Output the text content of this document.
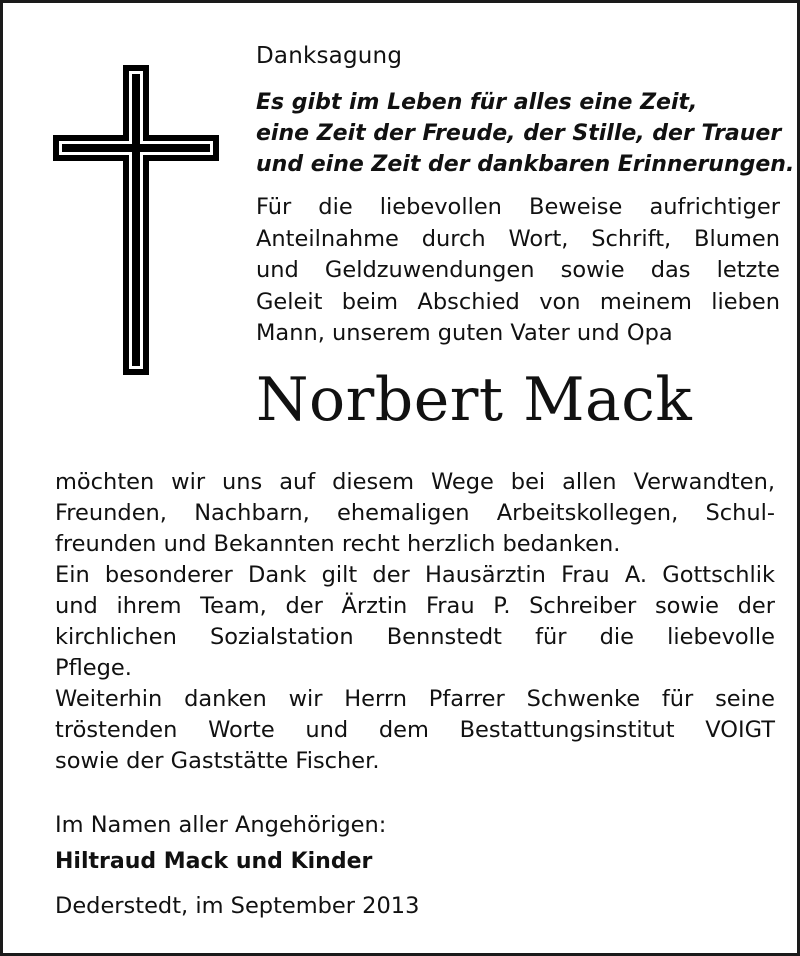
Danksagung
Es gibt im Leben für alles eine Zeit,
eine Zeit der Freude, der Stille, der Trauer
und eine Zeit der dankbaren Erinnerungen.
Für die liebevollen Beweise aufrichtiger
Anteilnahme durch Wort, Schrift, Blumen
und Geldzuwendungen sowie das letzte
Geleit beim Abschied von meinem lieben
Mann, unserem guten Vater und Opa
Norbert Mack
möchten wir uns auf diesem Wege bei allen Verwandten,
Freunden, Nachbarn, ehemaligen Arbeitskollegen, Schul-
freunden und Bekannten recht herzlich bedanken.
Ein besonderer Dank gilt der Hausärztin Frau A. Gottschlik
und ihrem Team, der Ärztin Frau P. Schreiber sowie der
kirchlichen Sozialstation Bennstedt für die liebevolle
Pflege.
Weiterhin danken wir Herrn Pfarrer Schwenke für seine
tröstenden Worte und dem Bestattungsinstitut VOIGT
sowie der Gaststätte Fischer.
Im Namen aller Angehörigen:
Hiltraud Mack und Kinder
Dederstedt, im September 2013
